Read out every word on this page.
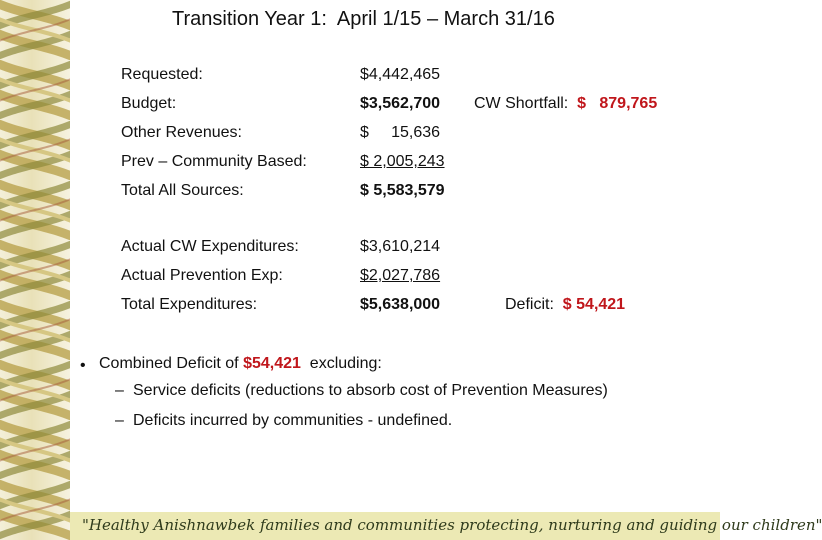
Transition Year 1:  April 1/15 – March 31/16
Requested:	$4,442,465
Budget:	$3,562,700 CW Shortfall: $   879,765
Other Revenues:	$     15,636
Prev – Community Based:	$ 2,005,243
Total All Sources:	$ 5,583,579
Actual CW Expenditures:	$3,610,214
Actual Prevention Exp:	$2,027,786
Total Expenditures:	$5,638,000	Deficit: $ 54,421
• Combined Deficit of $54,421  excluding:
– Service deficits (reductions to absorb cost of Prevention Measures)
– Deficits incurred by communities - undefined.
"Healthy Anishnawbek families and communities protecting, nurturing and guiding our children"
